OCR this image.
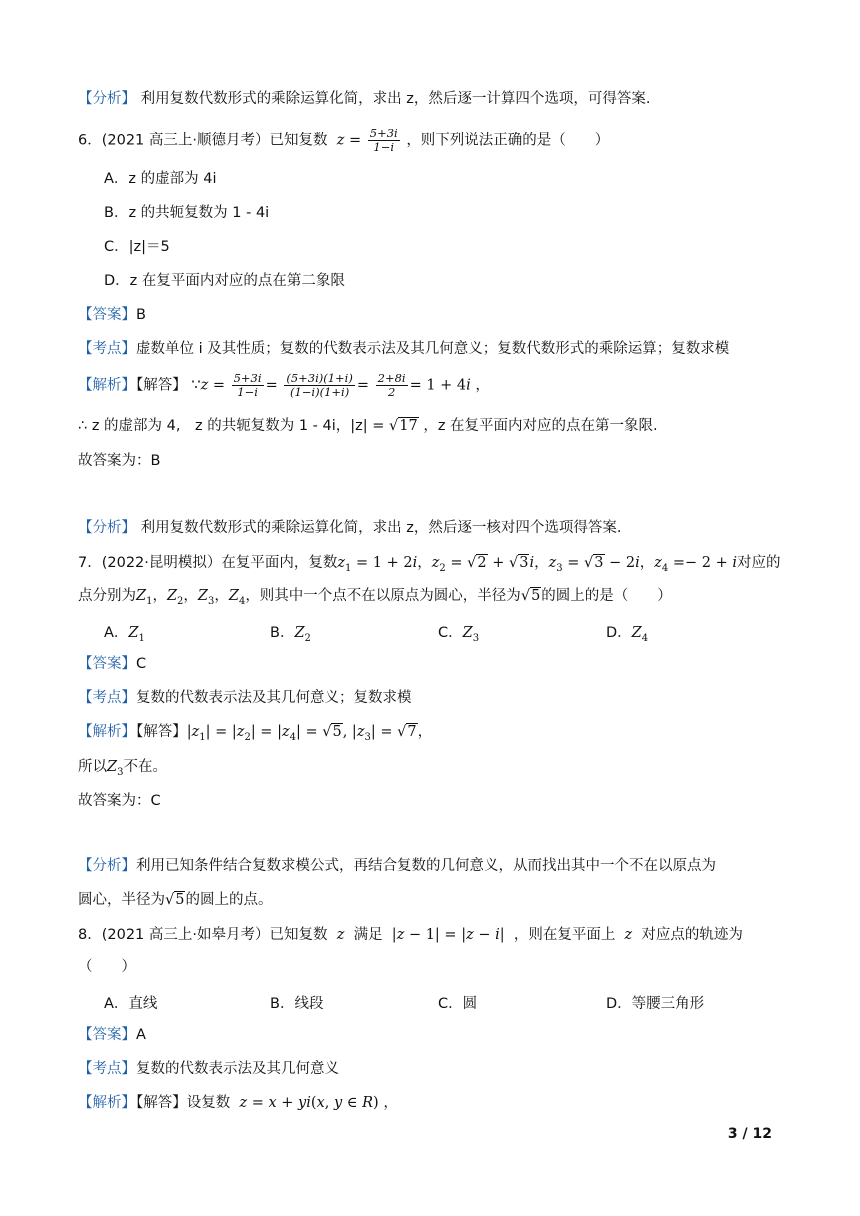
【分析】 利用复数代数形式的乘除运算化简，求出 z，然后逐一计算四个选项，可得答案.
6．(2021 高三上·顺德月考）已知复数  $z = \frac{5+3i}{1-i}$ ，则下列说法正确的是（　　）
A．z 的虚部为 4i
B．z 的共轭复数为 1 - 4i
C．|z|＝5
D．z 在复平面内对应的点在第二象限
【答案】B
【考点】虚数单位 i 及其性质；复数的代数表示法及其几何意义；复数代数形式的乘除运算；复数求模
【解析】【解答】 ∵z = $\frac{5+3i}{1-i} = \frac{(5+3i)(1+i)}{(1-i)(1+i)} = \frac{2+8i}{2} = 1 + 4i$ ，
∴ z 的虚部为 4,　z 的共轭复数为 1 - 4i，|z| = √17 ，z 在复平面内对应的点在第一象限.
故答案为：B
【分析】 利用复数代数形式的乘除运算化简，求出 z，然后逐一核对四个选项得答案.
7．(2022·昆明模拟）在复平面内，复数$z_1 = 1 + 2i$，$z_2 = √2 + √3i$，$z_3 = √3 - 2i$，$z_4 =- 2 + i$对应的
点分别为$Z_1$，$Z_2$，$Z_3$，$Z_4$，则其中一个点不在以原点为圆心，半径为√5的圆上的是（　　）
A．$Z_1$	B．$Z_2$	C．$Z_3$	D．$Z_4$
【答案】C
【考点】复数的代数表示法及其几何意义；复数求模
【解析】【解答】$|z_1| = |z_2| = |z_4| = √5$, $|z_3| = √7$，
所以$Z_3$不在。
故答案为：C
【分析】利用已知条件结合复数求模公式，再结合复数的几何意义，从而找出其中一个不在以原点为
圆心，半径为√5的圆上的点。
8．(2021 高三上·如皋月考）已知复数  z  满足  |z − 1| = |z − i|  ，则在复平面上  z  对应点的轨迹为
（　　）
A．直线	B．线段	C．圆	D．等腰三角形
【答案】A
【考点】复数的代数表示法及其几何意义
【解析】【解答】设复数  z = x + yi(x, y ∈ R) ，
3 / 12
